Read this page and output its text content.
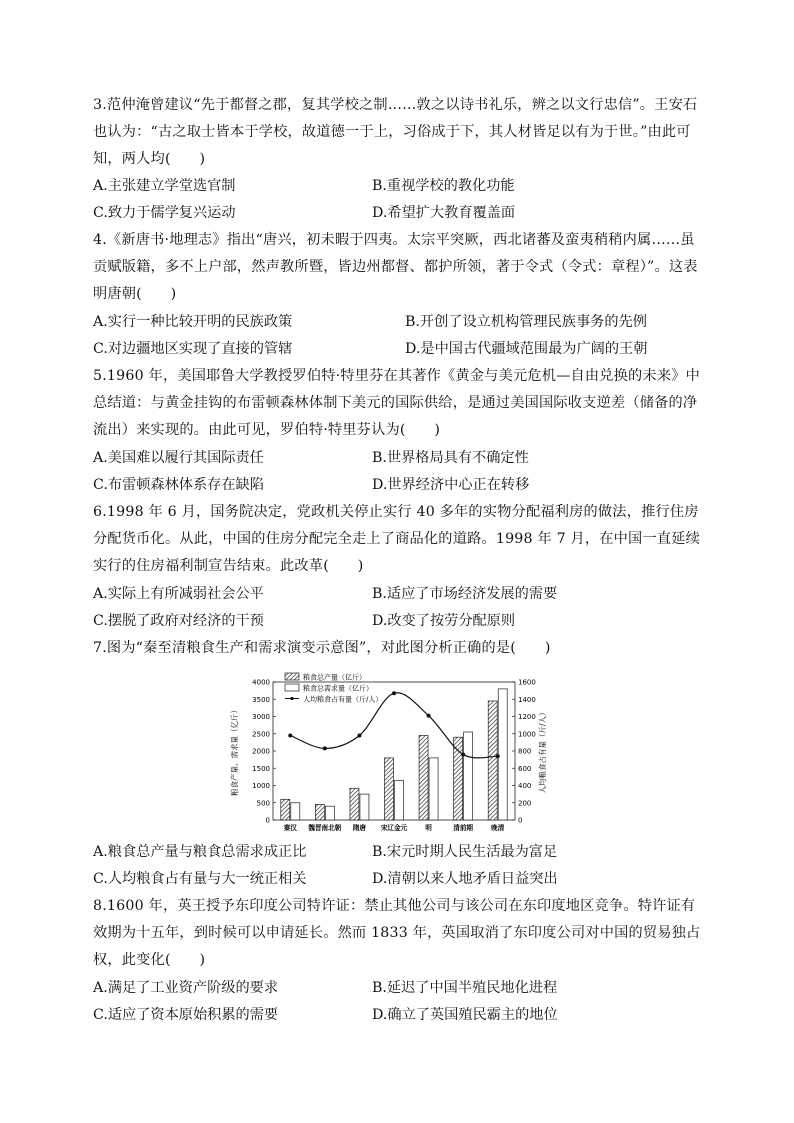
3.范仲淹曾建议“先于都督之郡，复其学校之制……敦之以诗书礼乐，辨之以文行忠信”。王安石也认为：“古之取士皆本于学校，故道德一于上，习俗成于下，其人材皆足以有为于世。”由此可知，两人均(　　)

A.主张建立学堂选官制	B.重视学校的教化功能
C.致力于儒学复兴运动	D.希望扩大教育覆盖面

4.《新唐书·地理志》指出“唐兴，初未暇于四夷。太宗平突厥，西北诸蕃及蛮夷稍稍内属……虽贡赋版籍，多不上户部，然声教所暨，皆边州都督、都护所领，著于令式（令式：章程）”。这表明唐朝(　　)

A.实行一种比较开明的民族政策	B.开创了设立机构管理民族事务的先例
C.对边疆地区实现了直接的管辖	D.是中国古代疆域范围最为广阔的王朝

5.1960 年，美国耶鲁大学教授罗伯特·特里芬在其著作《黄金与美元危机—自由兑换的未来》中总结道：与黄金挂钩的布雷顿森林体制下美元的国际供给，是通过美国国际收支逆差（储备的净流出）来实现的。由此可见，罗伯特·特里芬认为(　　)

A.美国难以履行其国际责任	B.世界格局具有不确定性
C.布雷顿森林体系存在缺陷	D.世界经济中心正在转移

6.1998 年 6 月，国务院决定，党政机关停止实行 40 多年的实物分配福利房的做法，推行住房分配货币化。从此，中国的住房分配完全走上了商品化的道路。1998 年 7 月，在中国一直延续实行的住房福利制宣告结束。此改革(　　)

A.实际上有所减弱社会公平	B.适应了市场经济发展的需要
C.摆脱了政府对经济的干预	D.改变了按劳分配原则

7.图为“秦至清粮食生产和需求演变示意图”，对此图分析正确的是(　　)

0
500
1000
1500
2000
2500
3000
3500
4000
0
200
400
600
800
1000
1200
1400
1600
秦汉 魏晋南北朝 隋唐 宋辽金元	明	清前期	晚清
粮食总产量（亿斤）
粮食总需求量（亿斤）
人均粮食占有量（斤/人）
粮食产量、需求量（亿斤）	人均粮食占有量（斤/人）
A.粮食总产量与粮食总需求成正比	B.宋元时期人民生活最为富足
C.人均粮食占有量与大一统正相关	D.清朝以来人地矛盾日益突出

8.1600 年，英王授予东印度公司特许证：禁止其他公司与该公司在东印度地区竞争。特许证有效期为十五年，到时候可以申请延长。然而 1833 年，英国取消了东印度公司对中国的贸易独占权，此变化(　　)

A.满足了工业资产阶级的要求	B.延迟了中国半殖民地化进程
C.适应了资本原始积累的需要	D.确立了英国殖民霸主的地位
